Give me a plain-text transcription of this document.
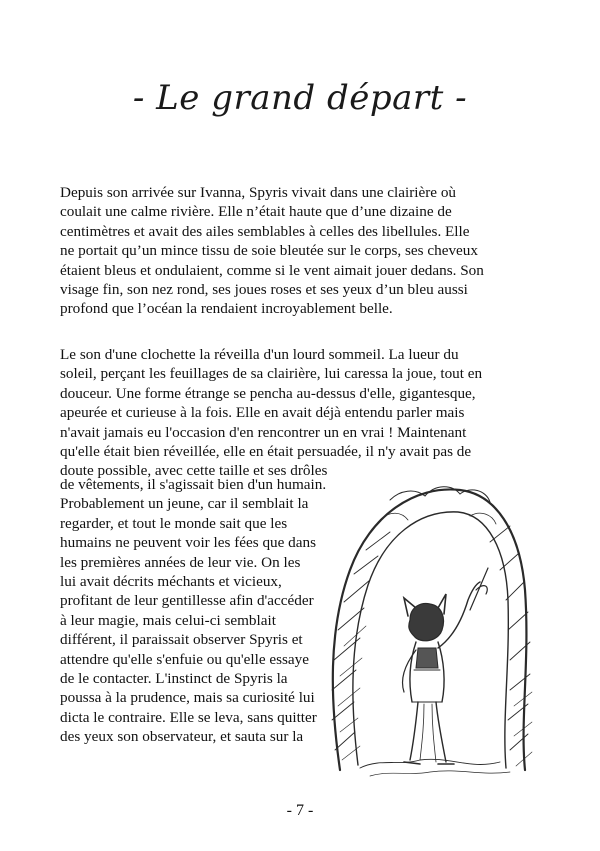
- Le grand départ -

Depuis son arrivée sur Ivanna, Spyris vivait dans une clairière où
coulait une calme rivière. Elle n’était haute que d’une dizaine de
centimètres et avait des ailes semblables à celles des libellules. Elle
ne portait qu’un mince tissu de soie bleutée sur le corps, ses cheveux
étaient bleus et ondulaient, comme si le vent aimait jouer dedans. Son
visage fin, son nez rond, ses joues roses et ses yeux d’un bleu aussi
profond que l’océan la rendaient incroyablement belle.

Le son d'une clochette la réveilla d'un lourd sommeil. La lueur du
soleil, perçant les feuillages de sa clairière, lui caressa la joue, tout en
douceur. Une forme étrange se pencha au-dessus d'elle, gigantesque,
apeurée et curieuse à la fois. Elle en avait déjà entendu parler mais
n'avait jamais eu l'occasion d'en rencontrer un en vrai ! Maintenant
qu'elle était bien réveillée, elle en était persuadée, il n'y avait pas de
doute possible, avec cette taille et ses drôles

de vêtements, il s'agissait bien d'un humain.
Probablement un jeune, car il semblait la
regarder, et tout le monde sait que les
humains ne peuvent voir les fées que dans
les premières années de leur vie. On les
lui avait décrits méchants et vicieux,
profitant de leur gentillesse afin d'accéder
à leur magie, mais celui-ci semblait
différent, il paraissait observer Spyris et
attendre qu'elle s'enfuie ou qu'elle essaye
de le contacter. L'instinct de Spyris la
poussa à la prudence, mais sa curiosité lui
dicta le contraire. Elle se leva, sans quitter
des yeux son observateur, et sauta sur la

- 7 -
